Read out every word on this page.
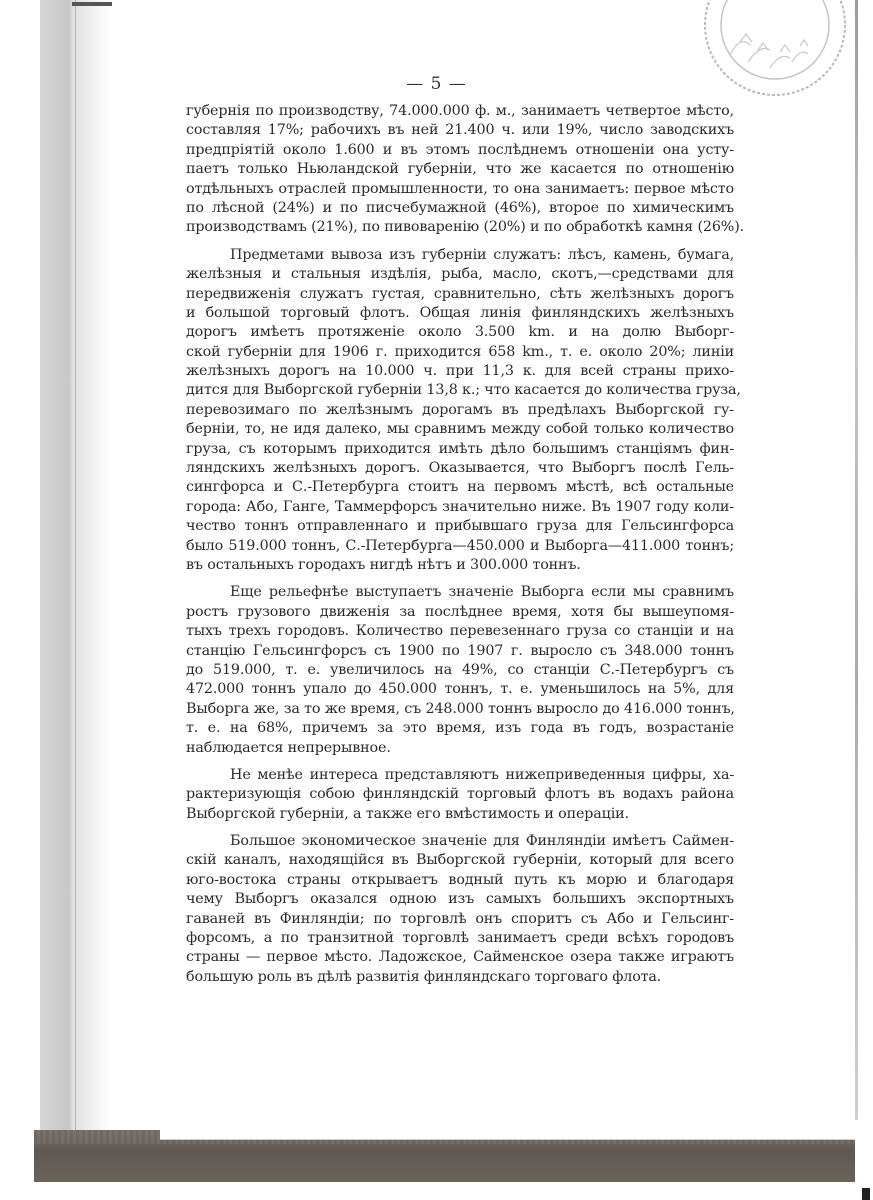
— 5 —
губернія по производству, 74.000.000 ф. м., занимаетъ четвертое мѣсто,
составляя 17%; рабочихъ въ ней 21.400 ч. или 19%, число заводскихъ
предпріятій около 1.600 и въ этомъ послѣднемъ отношеніи она усту-
паетъ только Ньюландской губерніи, что же касается по отношенію
отдѣльныхъ отраслей промышленности, то она занимаетъ: первое мѣсто
по лѣсной (24%) и по писчебумажной (46%), второе по химическимъ
производствамъ (21%), по пивоваренію (20%) и по обработкѣ камня (26%).
Предметами вывоза изъ губерніи служатъ: лѣсъ, камень, бумага,
желѣзныя и стальныя издѣлія, рыба, масло, скотъ,—средствами для
передвиженія служатъ густая, сравнительно, сѣть желѣзныхъ дорогъ
и большой торговый флотъ. Общая линія финляндскихъ желѣзныхъ
дорогъ имѣетъ протяженіе около 3.500 km. и на долю Выборг-
ской губерніи для 1906 г. приходится 658 km., т. е. около 20%; линіи
желѣзныхъ дорогъ на 10.000 ч. при 11,3 к. для всей страны прихо-
дится для Выборгской губерніи 13,8 к.; что касается до количества груза,
перевозимаго по желѣзнымъ дорогамъ въ предѣлахъ Выборгской гу-
берніи, то, не идя далеко, мы сравнимъ между собой только количество
груза, съ которымъ приходится имѣть дѣло большимъ станціямъ фин-
ляндскихъ желѣзныхъ дорогъ. Оказывается, что Выборгъ послѣ Гель-
сингфорса и С.-Петербурга стоитъ на первомъ мѣстѣ, всѣ остальные
города: Або, Ганге, Таммерфорсъ значительно ниже. Въ 1907 году коли-
чество тоннъ отправленнаго и прибывшаго груза для Гельсингфорса
было 519.000 тоннъ, С.-Петербурга—450.000 и Выборга—411.000 тоннъ;
въ остальныхъ городахъ нигдѣ нѣтъ и 300.000 тоннъ.
Еще рельефнѣе выступаетъ значеніе Выборга если мы сравнимъ
ростъ грузового движенія за послѣднее время, хотя бы вышеупомя-
тыхъ трехъ городовъ. Количество перевезеннаго груза со станціи и на
станцію Гельсингфорсъ съ 1900 по 1907 г. выросло съ 348.000 тоннъ
до 519.000, т. е. увеличилось на 49%, со станціи С.-Петербургъ съ
472.000 тоннъ упало до 450.000 тоннъ, т. е. уменьшилось на 5%, для
Выборга же, за то же время, съ 248.000 тоннъ выросло до 416.000 тоннъ,
т. е. на 68%, причемъ за это время, изъ года въ годъ, возрастаніе
наблюдается непрерывное.
Не менѣе интереса представляютъ нижеприведенныя цифры, ха-
рактеризующія собою финляндскій торговый флотъ въ водахъ района
Выборгской губерніи, а также его вмѣстимость и операціи.
Большое экономическое значеніе для Финляндіи имѣетъ Саймен-
скій каналъ, находящійся въ Выборгской губерніи, который для всего
юго-востока страны открываетъ водный путь къ морю и благодаря
чему Выборгъ оказался одною изъ самыхъ большихъ экспортныхъ
гаваней въ Финляндіи; по торговлѣ онъ споритъ съ Або и Гельсинг-
форсомъ, а по транзитной торговлѣ занимаетъ среди всѣхъ городовъ
страны — первое мѣсто. Ладожское, Сайменское озера также играютъ
большую роль въ дѣлѣ развитія финляндскаго торговаго флота.
